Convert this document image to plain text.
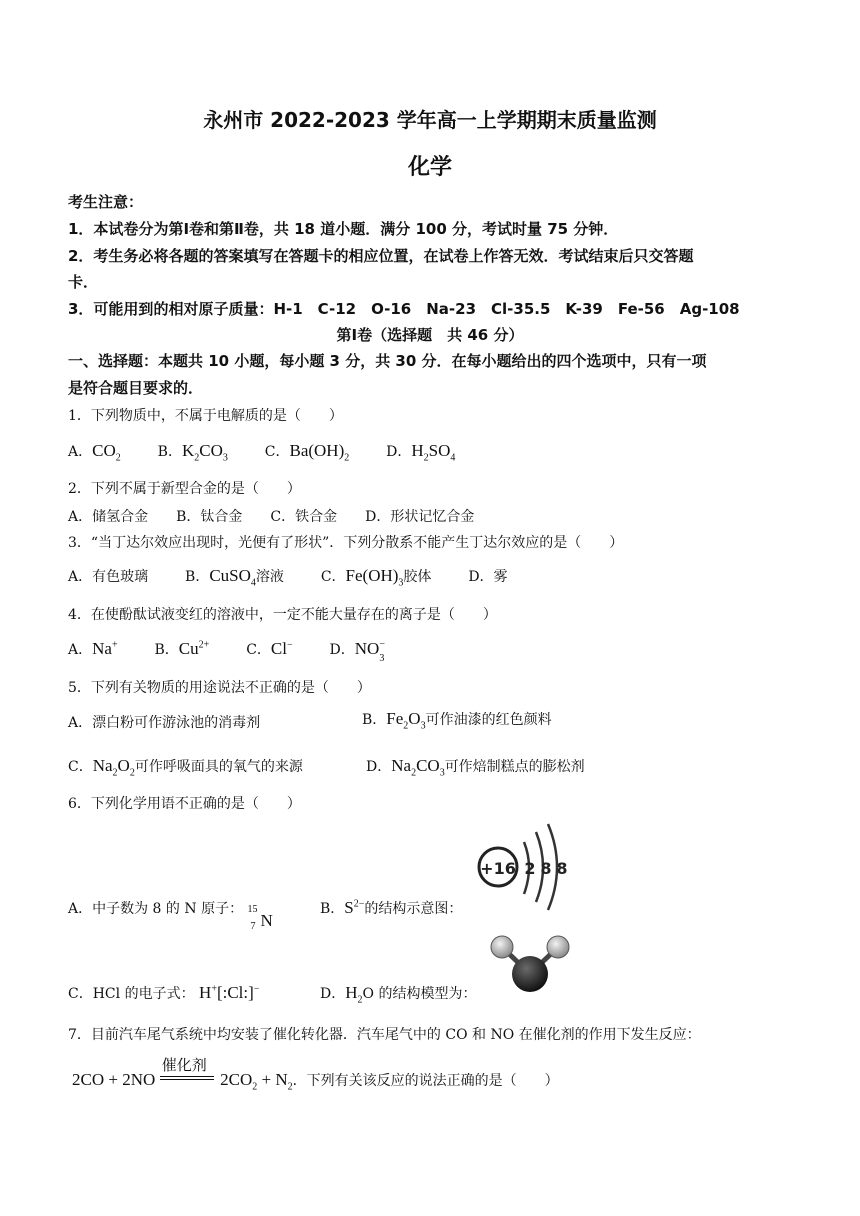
永州市 2022-2023 学年高一上学期期末质量监测
化学
考生注意：
1．本试卷分为第Ⅰ卷和第Ⅱ卷，共 18 道小题．满分 100 分，考试时量 75 分钟．
2．考生务必将各题的答案填写在答题卡的相应位置，在试卷上作答无效．考试结束后只交答题
卡．
3．可能用到的相对原子质量：H-1　C-12　O-16　Na-23　Cl-35.5　K-39　Fe-56　Ag-108
第Ⅰ卷（选择题　共 46 分）
一、选择题：本题共 10 小题，每小题 3 分，共 30 分．在每小题给出的四个选项中，只有一项
是符合题目要求的．
1．下列物质中，不属于电解质的是（　　）
A．$CO_2$	B．$K_2CO_3$	C．$Ba(OH)_2$	D．$H_2SO_4$
2．下列不属于新型合金的是（　　）
A．储氢合金　　B．钛合金　　C．铁合金　　D．形状记忆合金
3．“当丁达尔效应出现时，光便有了形状”．下列分散系不能产生丁达尔效应的是（　　）
A．有色玻璃	B．CuSO$_4$溶液	C．$Fe(OH)_3$胶体	D．雾
4．在使酚酞试液变红的溶液中，一定不能大量存在的离子是（　　）
A．Na+	B．$Cu^{2+}$	C．Cl−	D．NO −
3
5．下列有关物质的用途说法不正确的是（　　）
A．漂白粉可作游泳池的消毒剂	B．$Fe_2O_3$可作油漆的红色颜料
C．$Na_2O_2$可作呼吸面具的氧气的来源	D．$Na_2CO_3$可作焙制糕点的膨松剂
6．下列化学用语不正确的是（　　）
+16 2 8 8
A．中子数为 8 的 N 原子： 15
7 N
B．$S^{2-}$的结构示意图：
C．HCl 的电子式： H+[:Cl:]−	D．$H_2O$ 的结构模型为：
7．目前汽车尾气系统中均安装了催化转化器．汽车尾气中的 CO 和 NO 在催化剂的作用下发生反应：
2CO + 2NO
催化剂
$2CO_2 + N_2$．下列有关该反应的说法正确的是（　　）
